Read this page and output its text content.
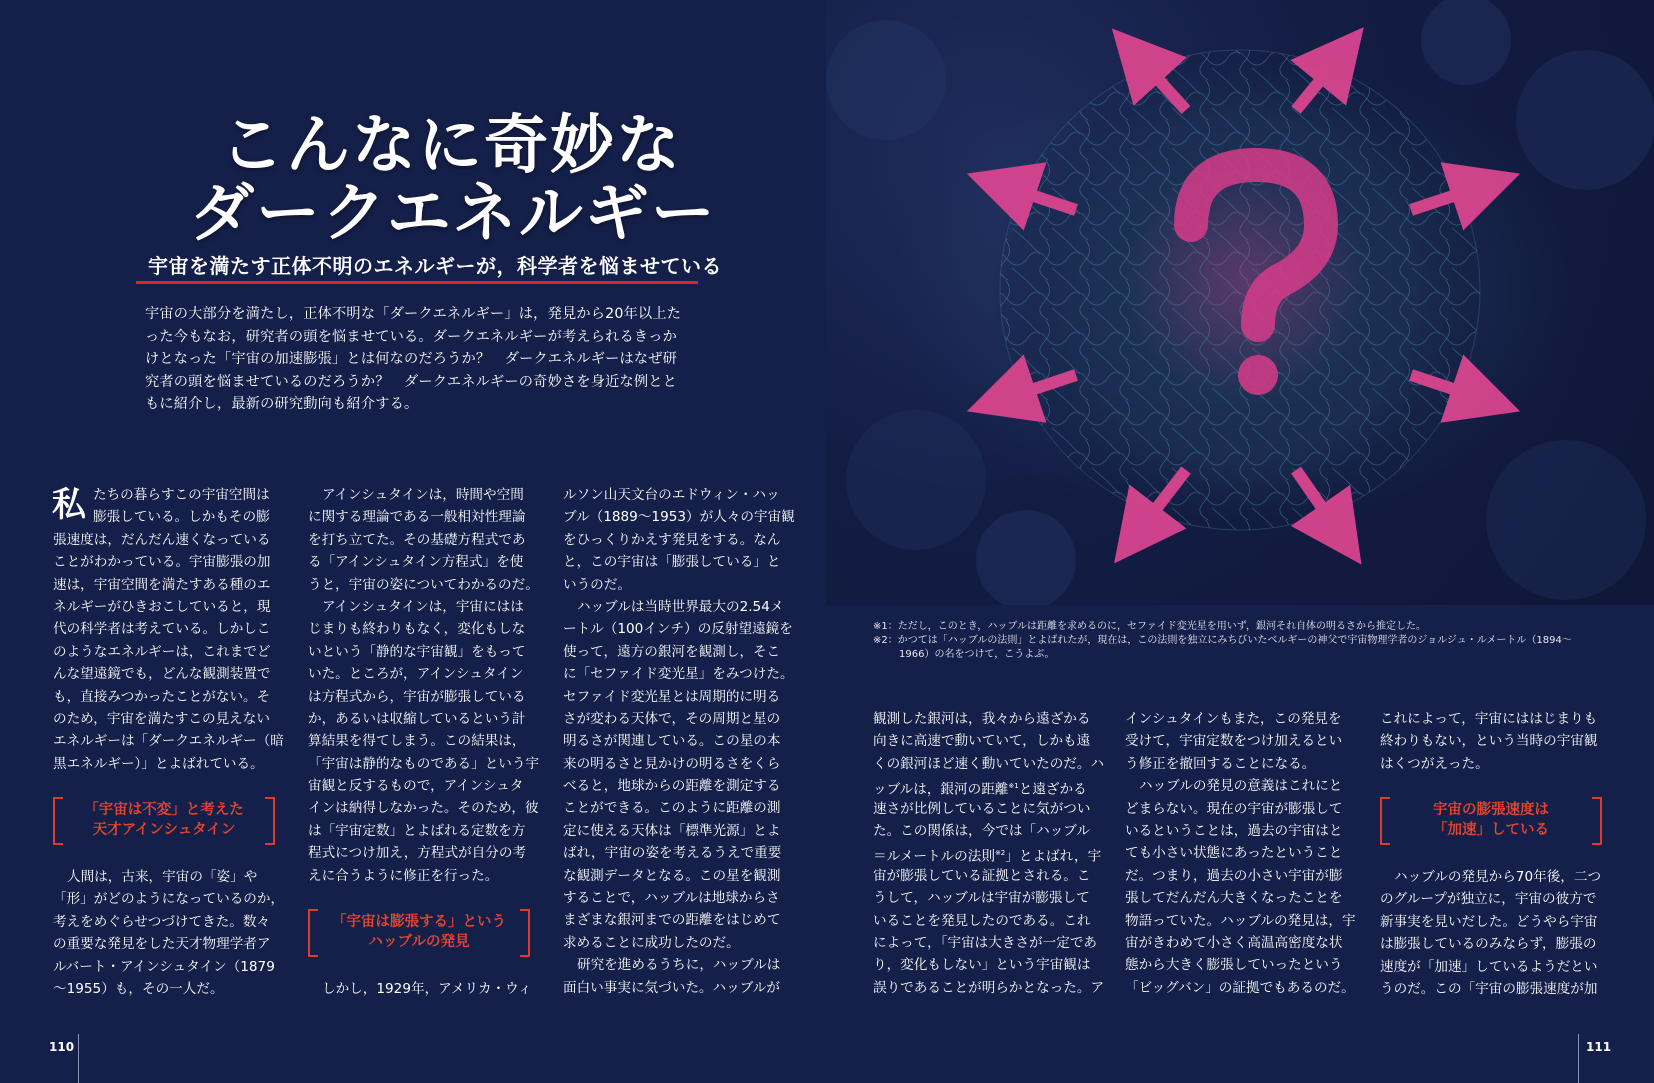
こんなに奇妙な
ダークエネルギー
宇宙を満たす正体不明のエネルギーが，科学者を悩ませている
宇宙の大部分を満たし，正体不明な「ダークエネルギー」は，発見から20年以上た
った今もなお，研究者の頭を悩ませている。ダークエネルギーが考えられるきっか
けとなった「宇宙の加速膨張」とは何なのだろうか？　ダークエネルギーはなぜ研
究者の頭を悩ませているのだろうか？　ダークエネルギーの奇妙さを身近な例とと
もに紹介し，最新の研究動向も紹介する。
私 たちの暮らすこの宇宙空間は
膨張している。しかもその膨
張速度は，だんだん速くなっている
ことがわかっている。宇宙膨張の加
速は，宇宙空間を満たすある種のエ
ネルギーがひきおこしていると，現
代の科学者は考えている。しかしこ
のようなエネルギーは，これまでど
んな望遠鏡でも，どんな観測装置で
も，直接みつかったことがない。そ
のため，宇宙を満たすこの見えない
エネルギーは「ダークエネルギー（暗
黒エネルギー）」とよばれている。
「宇宙は不変」と考えた
天才アインシュタイン
人間は，古来，宇宙の「姿」や
「形」がどのようになっているのか，
考えをめぐらせつづけてきた。数々
の重要な発見をした天才物理学者ア
ルバート・アインシュタイン（1879
〜1955）も，その一人だ。
アインシュタインは，時間や空間
に関する理論である一般相対性理論
を打ち立てた。その基礎方程式であ
る「アインシュタイン方程式」を使
うと，宇宙の姿についてわかるのだ。
アインシュタインは，宇宙にはは
じまりも終わりもなく，変化もしな
いという「静的な宇宙観」をもって
いた。ところが，アインシュタイン
は方程式から，宇宙が膨張している
か，あるいは収縮しているという計
算結果を得てしまう。この結果は，
「宇宙は静的なものである」という宇
宙観と反するもので，アインシュタ
インは納得しなかった。そのため，彼
は「宇宙定数」とよばれる定数を方
程式につけ加え，方程式が自分の考
えに合うように修正を行った。
「宇宙は膨張する」という
ハッブルの発見
しかし，1929年，アメリカ・ウィ
ルソン山天文台のエドウィン・ハッ
ブル（1889〜1953）が人々の宇宙観
をひっくりかえす発見をする。なん
と，この宇宙は「膨張している」と
いうのだ。
ハッブルは当時世界最大の2.54メ
ートル（100インチ）の反射望遠鏡を
使って，遠方の銀河を観測し，そこ
に「セファイド変光星」をみつけた。
セファイド変光星とは周期的に明る
さが変わる天体で，その周期と星の
明るさが関連している。この星の本
来の明るさと見かけの明るさをくら
べると，地球からの距離を測定する
ことができる。このように距離の測
定に使える天体は「標準光源」とよ
ばれ，宇宙の姿を考えるうえで重要
な観測データとなる。この星を観測
することで，ハッブルは地球からさ
まざまな銀河までの距離をはじめて
求めることに成功したのだ。
研究を進めるうちに，ハッブルは
面白い事実に気づいた。ハッブルが
※1：ただし，このとき，ハッブルは距離を求めるのに，セファイド変光星を用いず，銀河それ自体の明るさから推定した。
※2：かつては「ハッブルの法則」とよばれたが，現在は，この法則を独立にみちびいたベルギーの神父で宇宙物理学者のジョルジュ・ルメートル（1894〜
1966）の名をつけて，こうよぶ。
観測した銀河は，我々から遠ざかる
向きに高速で動いていて，しかも遠
くの銀河ほど速く動いていたのだ。ハ
ッブルは，銀河の距離$^{※1}$と遠ざかる
速さが比例していることに気がつい
た。この関係は，今では「ハッブル
＝ルメートルの法則$^{※2}$」とよばれ，宇
宙が膨張している証拠とされる。こ
うして，ハッブルは宇宙が膨張して
いることを発見したのである。これ
によって，「宇宙は大きさが一定であ
り，変化もしない」という宇宙観は
誤りであることが明らかとなった。ア
インシュタインもまた，この発見を
受けて，宇宙定数をつけ加えるとい
う修正を撤回することになる。
ハッブルの発見の意義はこれにと
どまらない。現在の宇宙が膨張して
いるということは，過去の宇宙はと
ても小さい状態にあったということ
だ。つまり，過去の小さい宇宙が膨
張してだんだん大きくなったことを
物語っていた。ハッブルの発見は，宇
宙がきわめて小さく高温高密度な状
態から大きく膨張していったという
「ビッグバン」の証拠でもあるのだ。
これによって，宇宙にははじまりも
終わりもない，という当時の宇宙観
はくつがえった。
宇宙の膨張速度は
「加速」している
ハッブルの発見から70年後，二つ
のグループが独立に，宇宙の彼方で
新事実を見いだした。どうやら宇宙
は膨張しているのみならず，膨張の
速度が「加速」しているようだとい
うのだ。この「宇宙の膨張速度が加
110	111
